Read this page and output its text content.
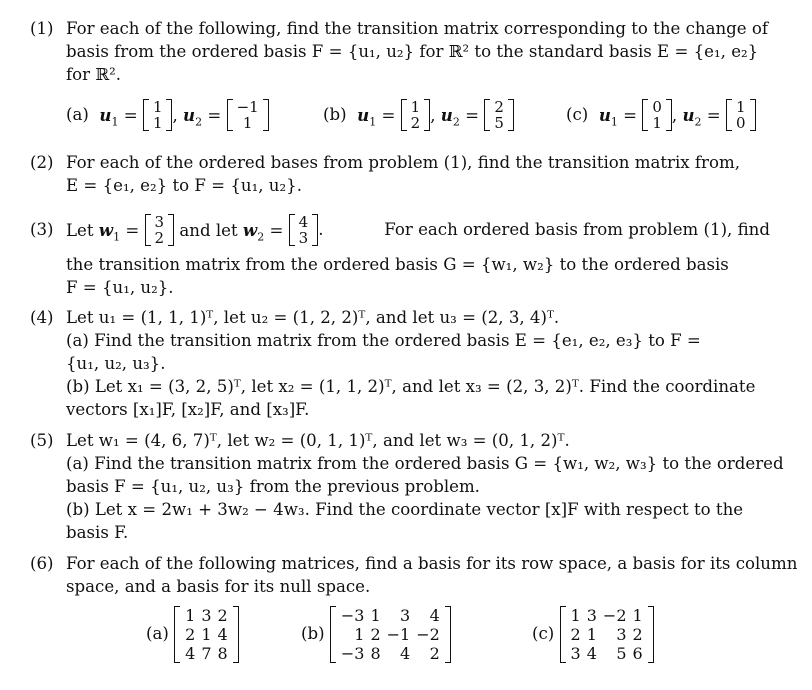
(1) For each of the following, find the transition matrix corresponding to the change of
basis from the ordered basis F = {u₁, u₂} for ℝ² to the standard basis E = {e₁, e₂}
for ℝ².
(a) $u_1 = 1$
1 , $u_2 = -1$
1	(b) $u_1 = 1$
2 , $u_2 = 2$
5	(c) $u_1 = 0$
1 , $u_2 = 1$
0
(2) For each of the ordered bases from problem (1), find the transition matrix from,
E = {e₁, e₂} to F = {u₁, u₂}.
(3) Let $w_1 = 3$
2 and let $w_2 = 4$
3 .	For each ordered basis from problem (1), find
the transition matrix from the ordered basis G = {w₁, w₂} to the ordered basis
F = {u₁, u₂}.
(4) Let u₁ = (1, 1, 1)ᵀ, let u₂ = (1, 2, 2)ᵀ, and let u₃ = (2, 3, 4)ᵀ.
(a) Find the transition matrix from the ordered basis E = {e₁, e₂, e₃} to F =
{u₁, u₂, u₃}.
(b) Let x₁ = (3, 2, 5)ᵀ, let x₂ = (1, 1, 2)ᵀ, and let x₃ = (2, 3, 2)ᵀ. Find the coordinate
vectors [x₁]F, [x₂]F, and [x₃]F.
(5) Let w₁ = (4, 6, 7)ᵀ, let w₂ = (0, 1, 1)ᵀ, and let w₃ = (0, 1, 2)ᵀ.
(a) Find the transition matrix from the ordered basis G = {w₁, w₂, w₃} to the ordered
basis F = {u₁, u₂, u₃} from the previous problem.
(b) Let x = 2w₁ + 3w₂ − 4w₃. Find the coordinate vector [x]F with respect to the
basis F.
(6) For each of the following matrices, find a basis for its row space, a basis for its column
space, and a basis for its null space.
(a)

1	3	2
2	1	4
4	7	8
(b)

−3	1	3	4
1	2	−1	−2
−3	8	4	2
(c)

1	3	−2	1
2	1	3	2
3	4	5	6
